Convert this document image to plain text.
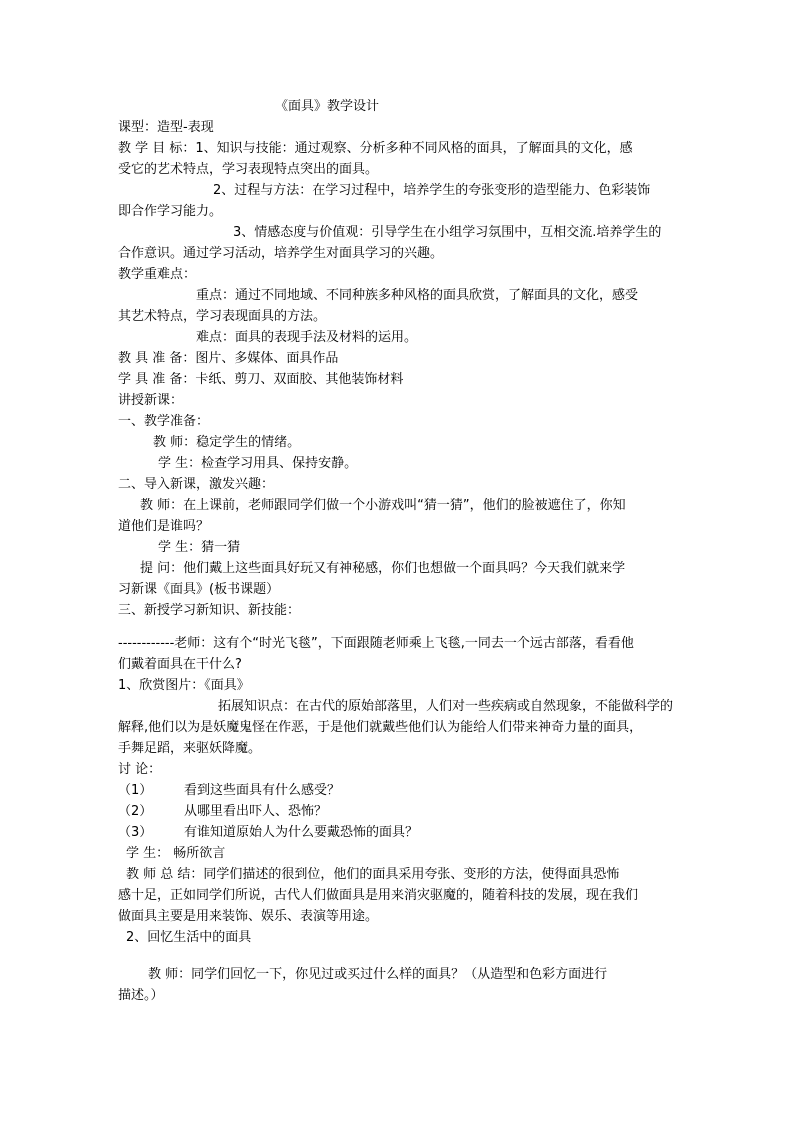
《面具》教学设计
课型：造型-表现
教 学 目 标：1、知识与技能：通过观察、分析多种不同风格的面具，了解面具的文化，感
受它的艺术特点，学习表现特点突出的面具。
2、过程与方法：在学习过程中，培养学生的夸张变形的造型能力、色彩装饰
即合作学习能力。
3、情感态度与价值观：引导学生在小组学习氛围中，互相交流.培养学生的
合作意识。通过学习活动，培养学生对面具学习的兴趣。
教学重难点：
重点：通过不同地域、不同种族多种风格的面具欣赏，了解面具的文化，感受
其艺术特点，学习表现面具的方法。
难点：面具的表现手法及材料的运用。
教 具 准 备：图片、多媒体、面具作品
学 具 准 备：卡纸、剪刀、双面胶、其他装饰材料
讲授新课：
一、教学准备：
教 师：稳定学生的情绪。
学 生：检查学习用具、保持安静。
二、导入新课，激发兴趣：
教 师：在上课前，老师跟同学们做一个小游戏叫“猜一猜”，他们的脸被遮住了，你知
道他们是谁吗？
学 生：猜一猜
提 问：他们戴上这些面具好玩又有神秘感，你们也想做一个面具吗？今天我们就来学
习新课《面具》(板书课题）
三、新授学习新知识、新技能：
------------老师：这有个“时光飞毯”，下面跟随老师乘上飞毯,一同去一个远古部落，看看他
们戴着面具在干什么?
1、欣赏图片：《面具》
拓展知识点：在古代的原始部落里，人们对一些疾病或自然现象，不能做科学的
解释,他们以为是妖魔鬼怪在作恶，于是他们就戴些他们认为能给人们带来神奇力量的面具，
手舞足蹈，来驱妖降魔。
讨 论：
（1） 看到这些面具有什么感受？
（2） 从哪里看出吓人、恐怖？
（3） 有谁知道原始人为什么要戴恐怖的面具？
学 生： 畅所欲言
教 师 总 结：同学们描述的很到位，他们的面具采用夸张、变形的方法，使得面具恐怖
感十足，正如同学们所说，古代人们做面具是用来消灾驱魔的，随着科技的发展，现在我们
做面具主要是用来装饰、娱乐、表演等用途。
2、回忆生活中的面具
教 师：同学们回忆一下，你见过或买过什么样的面具？（从造型和色彩方面进行
描述。）
